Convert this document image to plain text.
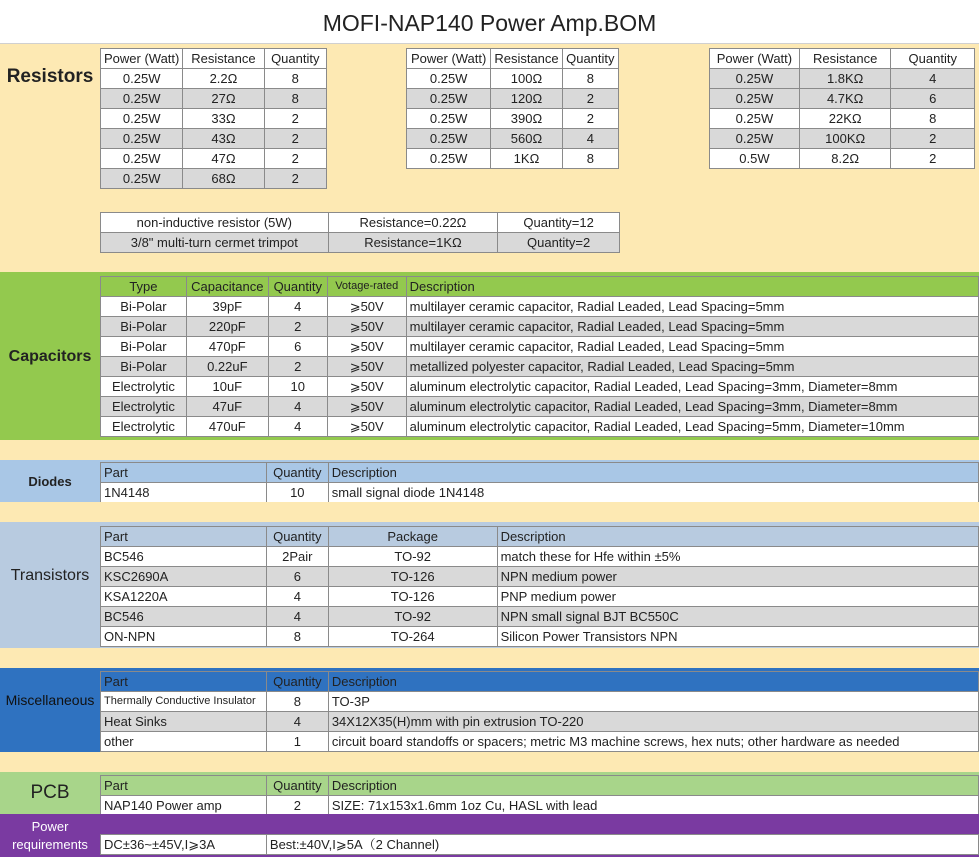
MOFI-NAP140 Power Amp.BOM
Resistors
Power (Watt)	Resistance	Quantity
0.25W	2.2Ω	8
0.25W	27Ω	8
0.25W	33Ω	2
0.25W	43Ω	2
0.25W	47Ω	2
0.25W	68Ω	2
Power (Watt)	Resistance	Quantity
0.25W	100Ω	8
0.25W	120Ω	2
0.25W	390Ω	2
0.25W	560Ω	4
0.25W	1KΩ	8
Power (Watt)	Resistance	Quantity
0.25W	1.8KΩ	4
0.25W	4.7KΩ	6
0.25W	22KΩ	8
0.25W	100KΩ	2
0.5W	8.2Ω	2
non-inductive resistor (5W)	Resistance=0.22Ω	Quantity=12
3/8" multi-turn cermet trimpot	Resistance=1KΩ	Quantity=2
Capacitors
Type	Capacitance	Quantity	Votage-rated	Description
Bi-Polar	39pF	4	⩾50V	multilayer ceramic capacitor, Radial Leaded, Lead Spacing=5mm
Bi-Polar	220pF	2	⩾50V	multilayer ceramic capacitor, Radial Leaded, Lead Spacing=5mm
Bi-Polar	470pF	6	⩾50V	multilayer ceramic capacitor, Radial Leaded, Lead Spacing=5mm
Bi-Polar	0.22uF	2	⩾50V	metallized polyester capacitor, Radial Leaded, Lead Spacing=5mm
Electrolytic	10uF	10	⩾50V	aluminum electrolytic capacitor, Radial Leaded, Lead Spacing=3mm, Diameter=8mm
Electrolytic	47uF	4	⩾50V	aluminum electrolytic capacitor, Radial Leaded, Lead Spacing=3mm, Diameter=8mm
Electrolytic	470uF	4	⩾50V	aluminum electrolytic capacitor, Radial Leaded, Lead Spacing=5mm, Diameter=10mm
Diodes
Part	Quantity	Description
1N4148	10	small signal diode 1N4148
Transistors
Part	Quantity	Package	Description
BC546	2Pair	TO-92	match these for Hfe within ±5%
KSC2690A	6	TO-126	NPN medium power
KSA1220A	4	TO-126	PNP medium power
BC546	4	TO-92	NPN small signal BJT BC550C
ON-NPN	8	TO-264	Silicon Power Transistors NPN
Miscellaneous
Part	Quantity	Description
Thermally Conductive Insulator	8	TO-3P
Heat Sinks	4	34X12X35(H)mm with pin extrusion TO-220
other	1	circuit board standoffs or spacers; metric M3 machine screws, hex nuts; other hardware as needed
PCB	Part	Quantity	Description
NAP140 Power amp	2	SIZE: 71x153x1.6mm 1oz Cu, HASL with lead
Power requirements	DC±36~±45V,I⩾3A	Best:±40V,I⩾5A（2 Channel)
